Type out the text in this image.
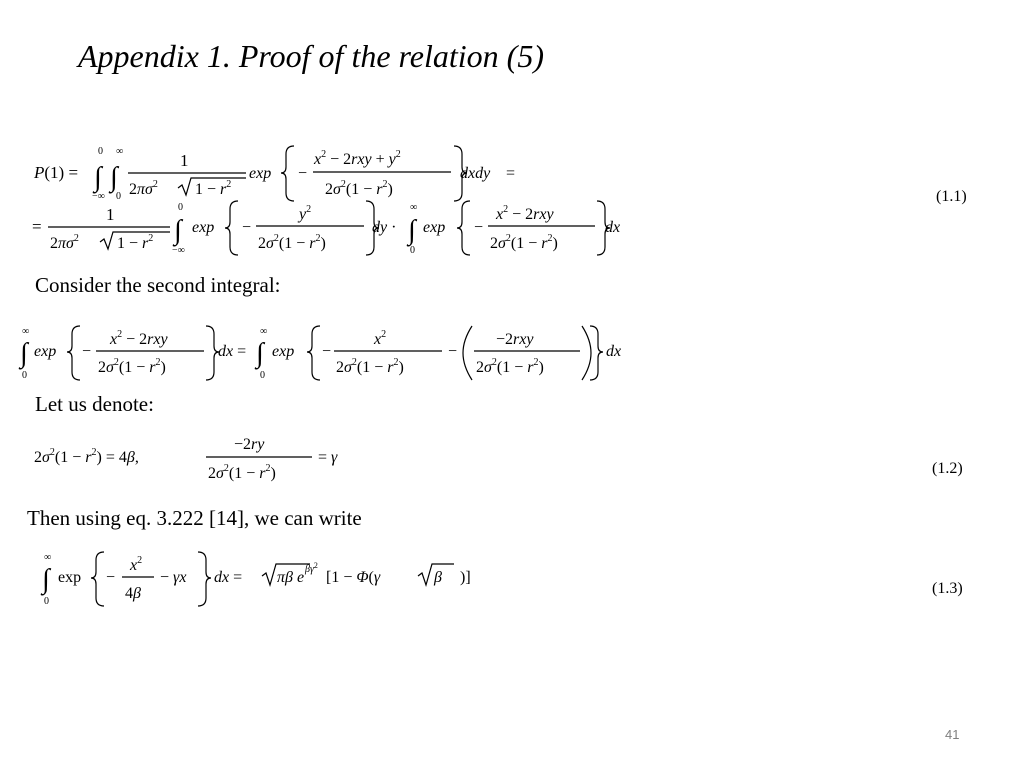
Appendix 1. Proof of the relation (5)
P(1) =
0 ∞
∫ ∫
−∞ 0
1
$2\pi\sigma^2$ $1 - r^2$
exp −
$x^2 - 2rxy + y^2$
$2\sigma^2(1 - r^2)$
dxdy =
=
1
$2\pi\sigma^2$ $1 - r^2$
0
∫
−∞
exp −
$y^2$
$2\sigma^2(1 - r^2)$
dy ·
∞
∫
0
exp −
$x^2 - 2rxy$
$2\sigma^2(1 - r^2)$
dx
(1.1)
Consider the second integral:
∞
∫
0
exp −
$x^2 - 2rxy$
$2\sigma^2(1 - r^2)$
dx =
∞
∫
0
exp −
$x^2$
$2\sigma^2(1 - r^2)$
−
−2rxy
$2\sigma^2(1 - r^2)$
dx
Let us denote:
$2\sigma^2(1 - r^2) = 4\beta$,
−2ry
$2\sigma^2(1 - r^2)$
= γ
(1.2)
Then using eq. 3.222 [14], we can write
∞
∫
0
exp −
$x^2$
4β
− γx dx = πβ e $\beta\gamma^2$
[1 − Φ(γ	β )]
(1.3)
41
